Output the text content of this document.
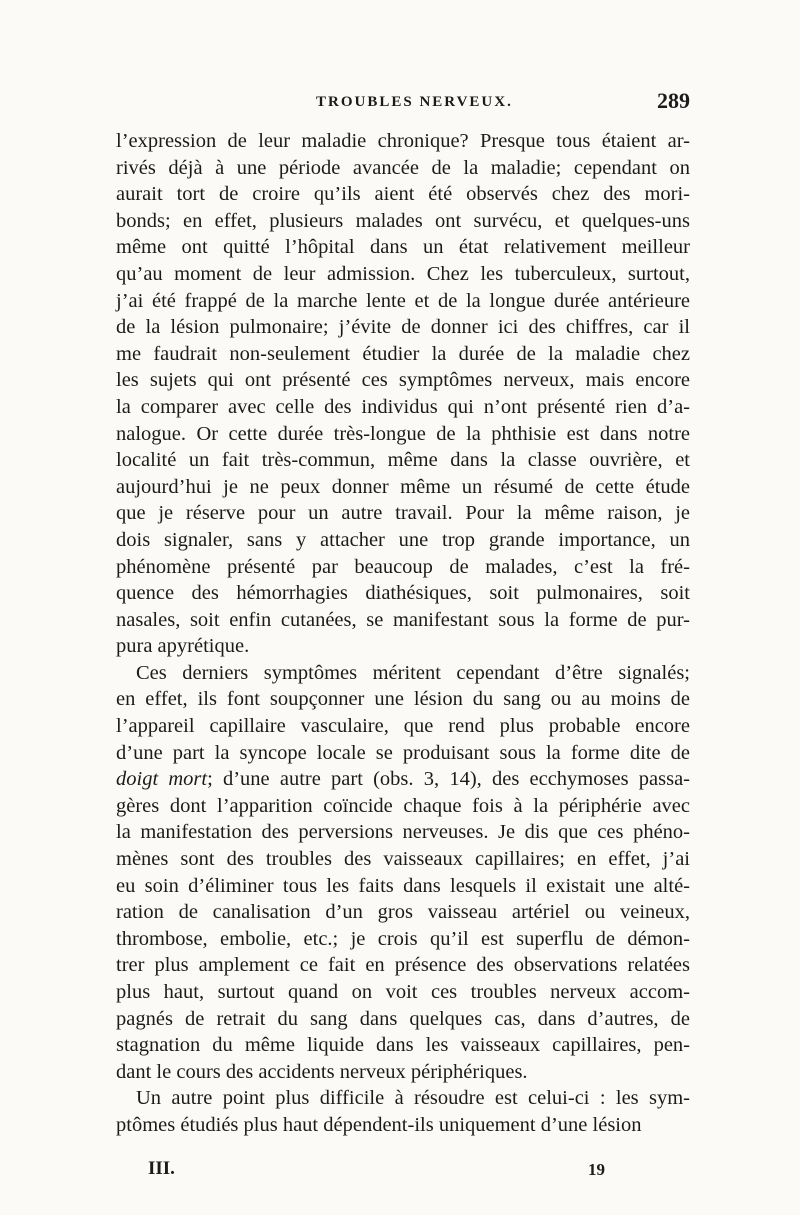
TROUBLES NERVEUX.	289
l’expression de leur maladie chronique? Presque tous étaient ar-
rivés déjà à une période avancée de la maladie; cependant on
aurait tort de croire qu’ils aient été observés chez des mori-
bonds; en effet, plusieurs malades ont survécu, et quelques-uns
même ont quitté l’hôpital dans un état relativement meilleur
qu’au moment de leur admission. Chez les tuberculeux, surtout,
j’ai été frappé de la marche lente et de la longue durée antérieure
de la lésion pulmonaire; j’évite de donner ici des chiffres, car il
me faudrait non-seulement étudier la durée de la maladie chez
les sujets qui ont présenté ces symptômes nerveux, mais encore
la comparer avec celle des individus qui n’ont présenté rien d’a-
nalogue. Or cette durée très-longue de la phthisie est dans notre
localité un fait très-commun, même dans la classe ouvrière, et
aujourd’hui je ne peux donner même un résumé de cette étude
que je réserve pour un autre travail. Pour la même raison, je
dois signaler, sans y attacher une trop grande importance, un
phénomène présenté par beaucoup de malades, c’est la fré-
quence des hémorrhagies diathésiques, soit pulmonaires, soit
nasales, soit enfin cutanées, se manifestant sous la forme de pur-
pura apyrétique.
Ces derniers symptômes méritent cependant d’être signalés;
en effet, ils font soupçonner une lésion du sang ou au moins de
l’appareil capillaire vasculaire, que rend plus probable encore
d’une part la syncope locale se produisant sous la forme dite de
doigt mort; d’une autre part (obs. 3, 14), des ecchymoses passa-
gères dont l’apparition coïncide chaque fois à la périphérie avec
la manifestation des perversions nerveuses. Je dis que ces phéno-
mènes sont des troubles des vaisseaux capillaires; en effet, j’ai
eu soin d’éliminer tous les faits dans lesquels il existait une alté-
ration de canalisation d’un gros vaisseau artériel ou veineux,
thrombose, embolie, etc.; je crois qu’il est superflu de démon-
trer plus amplement ce fait en présence des observations relatées
plus haut, surtout quand on voit ces troubles nerveux accom-
pagnés de retrait du sang dans quelques cas, dans d’autres, de
stagnation du même liquide dans les vaisseaux capillaires, pen-
dant le cours des accidents nerveux périphériques.
Un autre point plus difficile à résoudre est celui-ci : les sym-
ptômes étudiés plus haut dépendent-ils uniquement d’une lésion
III.	19
